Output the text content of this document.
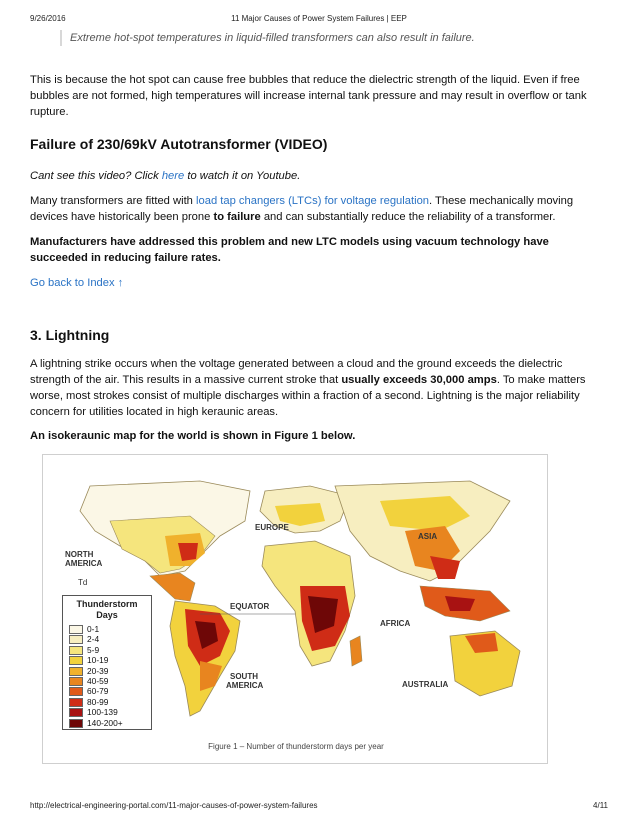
9/26/2016	11 Major Causes of Power System Failures | EEP
Extreme hot-spot temperatures in liquid-filled transformers can also result in failure.
This is because the hot spot can cause free bubbles that reduce the dielectric strength of the liquid. Even if free bubbles are not formed, high temperatures will increase internal tank pressure and may result in overflow or tank rupture.
Failure of 230/69kV Autotransformer (VIDEO)
Cant see this video? Click here to watch it on Youtube.
Many transformers are fitted with load tap changers (LTCs) for voltage regulation. These mechanically moving devices have historically been prone to failure and can substantially reduce the reliability of a transformer.
Manufacturers have addressed this problem and new LTC models using vacuum technology have succeeded in reducing failure rates.
Go back to Index ↑
3. Lightning
A lightning strike occurs when the voltage generated between a cloud and the ground exceeds the dielectric strength of the air. This results in a massive current stroke that usually exceeds 30,000 amps. To make matters worse, most strokes consist of multiple discharges within a fraction of a second. Lightning is the major reliability concern for utilities located in high keraunic areas.
An isokeraunic map for the world is shown in Figure 1 below.
EUROPE
ASIA
EQUATOR
AFRICA
AUSTRALIA
Td
NORTH AMERICA
SOUTH AMERICA
Figure 1 – Number of thunderstorm days per year
Thunderstorm
Days
0-1
2-4
5-9
10-19
20-39
40-59
60-79
80-99
100-139
140-200+
http://electrical-engineering-portal.com/11-major-causes-of-power-system-failures	4/11
